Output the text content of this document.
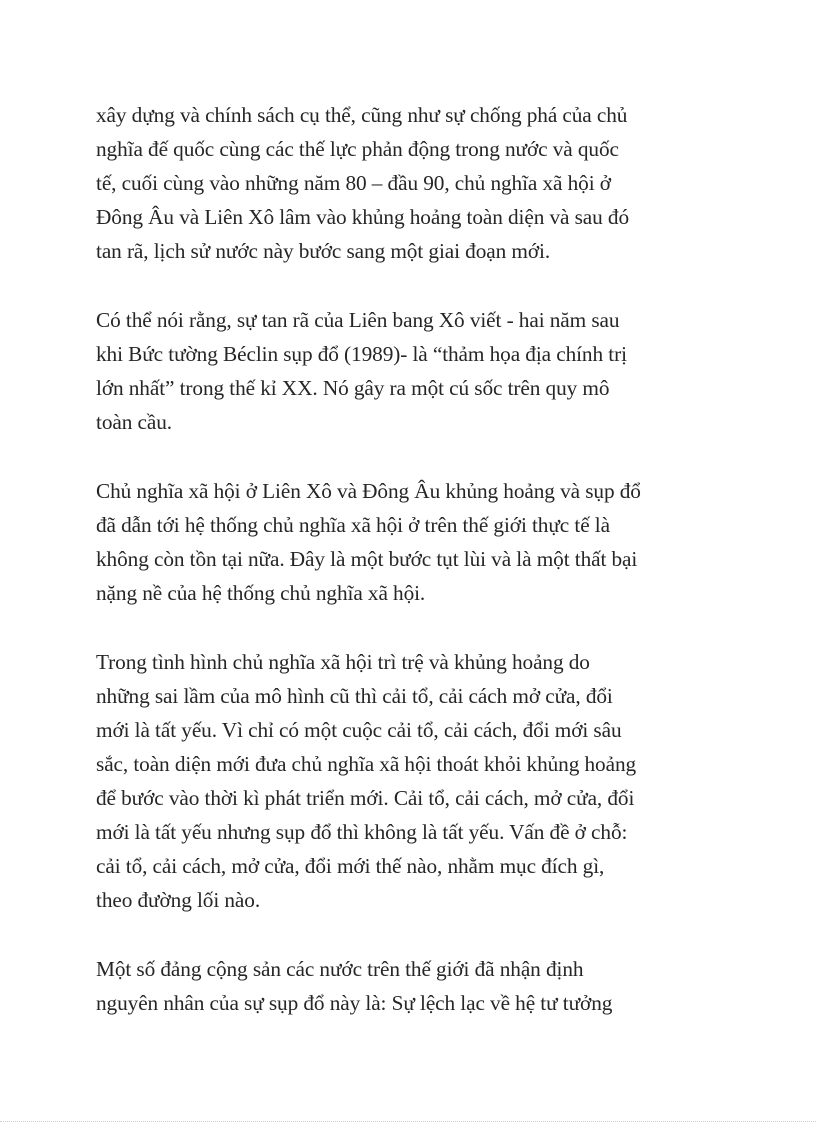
xây dựng và chính sách cụ thể, cũng như sự chống phá của chủ
nghĩa đế quốc cùng các thế lực phản động trong nước và quốc
tế, cuối cùng vào những năm 80 – đầu 90, chủ nghĩa xã hội ở
Đông Âu và Liên Xô lâm vào khủng hoảng toàn diện và sau đó
tan rã, lịch sử nước này bước sang một giai đoạn mới.
Có thể nói rằng, sự tan rã của Liên bang Xô viết - hai năm sau
khi Bức tường Béclin sụp đổ (1989)- là “thảm họa địa chính trị
lớn nhất” trong thế kỉ XX. Nó gây ra một cú sốc trên quy mô
toàn cầu.
Chủ nghĩa xã hội ở Liên Xô và Đông Âu khủng hoảng và sụp đổ
đã dẫn tới hệ thống chủ nghĩa xã hội ở trên thế giới thực tế là
không còn tồn tại nữa. Đây là một bước tụt lùi và là một thất bại
nặng nề của hệ thống chủ nghĩa xã hội.
Trong tình hình chủ nghĩa xã hội trì trệ và khủng hoảng do
những sai lầm của mô hình cũ thì cải tổ, cải cách mở cửa, đổi
mới là tất yếu. Vì chỉ có một cuộc cải tổ, cải cách, đổi mới sâu
sắc, toàn diện mới đưa chủ nghĩa xã hội thoát khỏi khủng hoảng
để bước vào thời kì phát triển mới. Cải tổ, cải cách, mở cửa, đổi
mới là tất yếu nhưng sụp đổ thì không là tất yếu. Vấn đề ở chỗ:
cải tổ, cải cách, mở cửa, đổi mới thế nào, nhằm mục đích gì,
theo đường lối nào.
Một số đảng cộng sản các nước trên thế giới đã nhận định
nguyên nhân của sự sụp đổ này là: Sự lệch lạc về hệ tư tưởng
